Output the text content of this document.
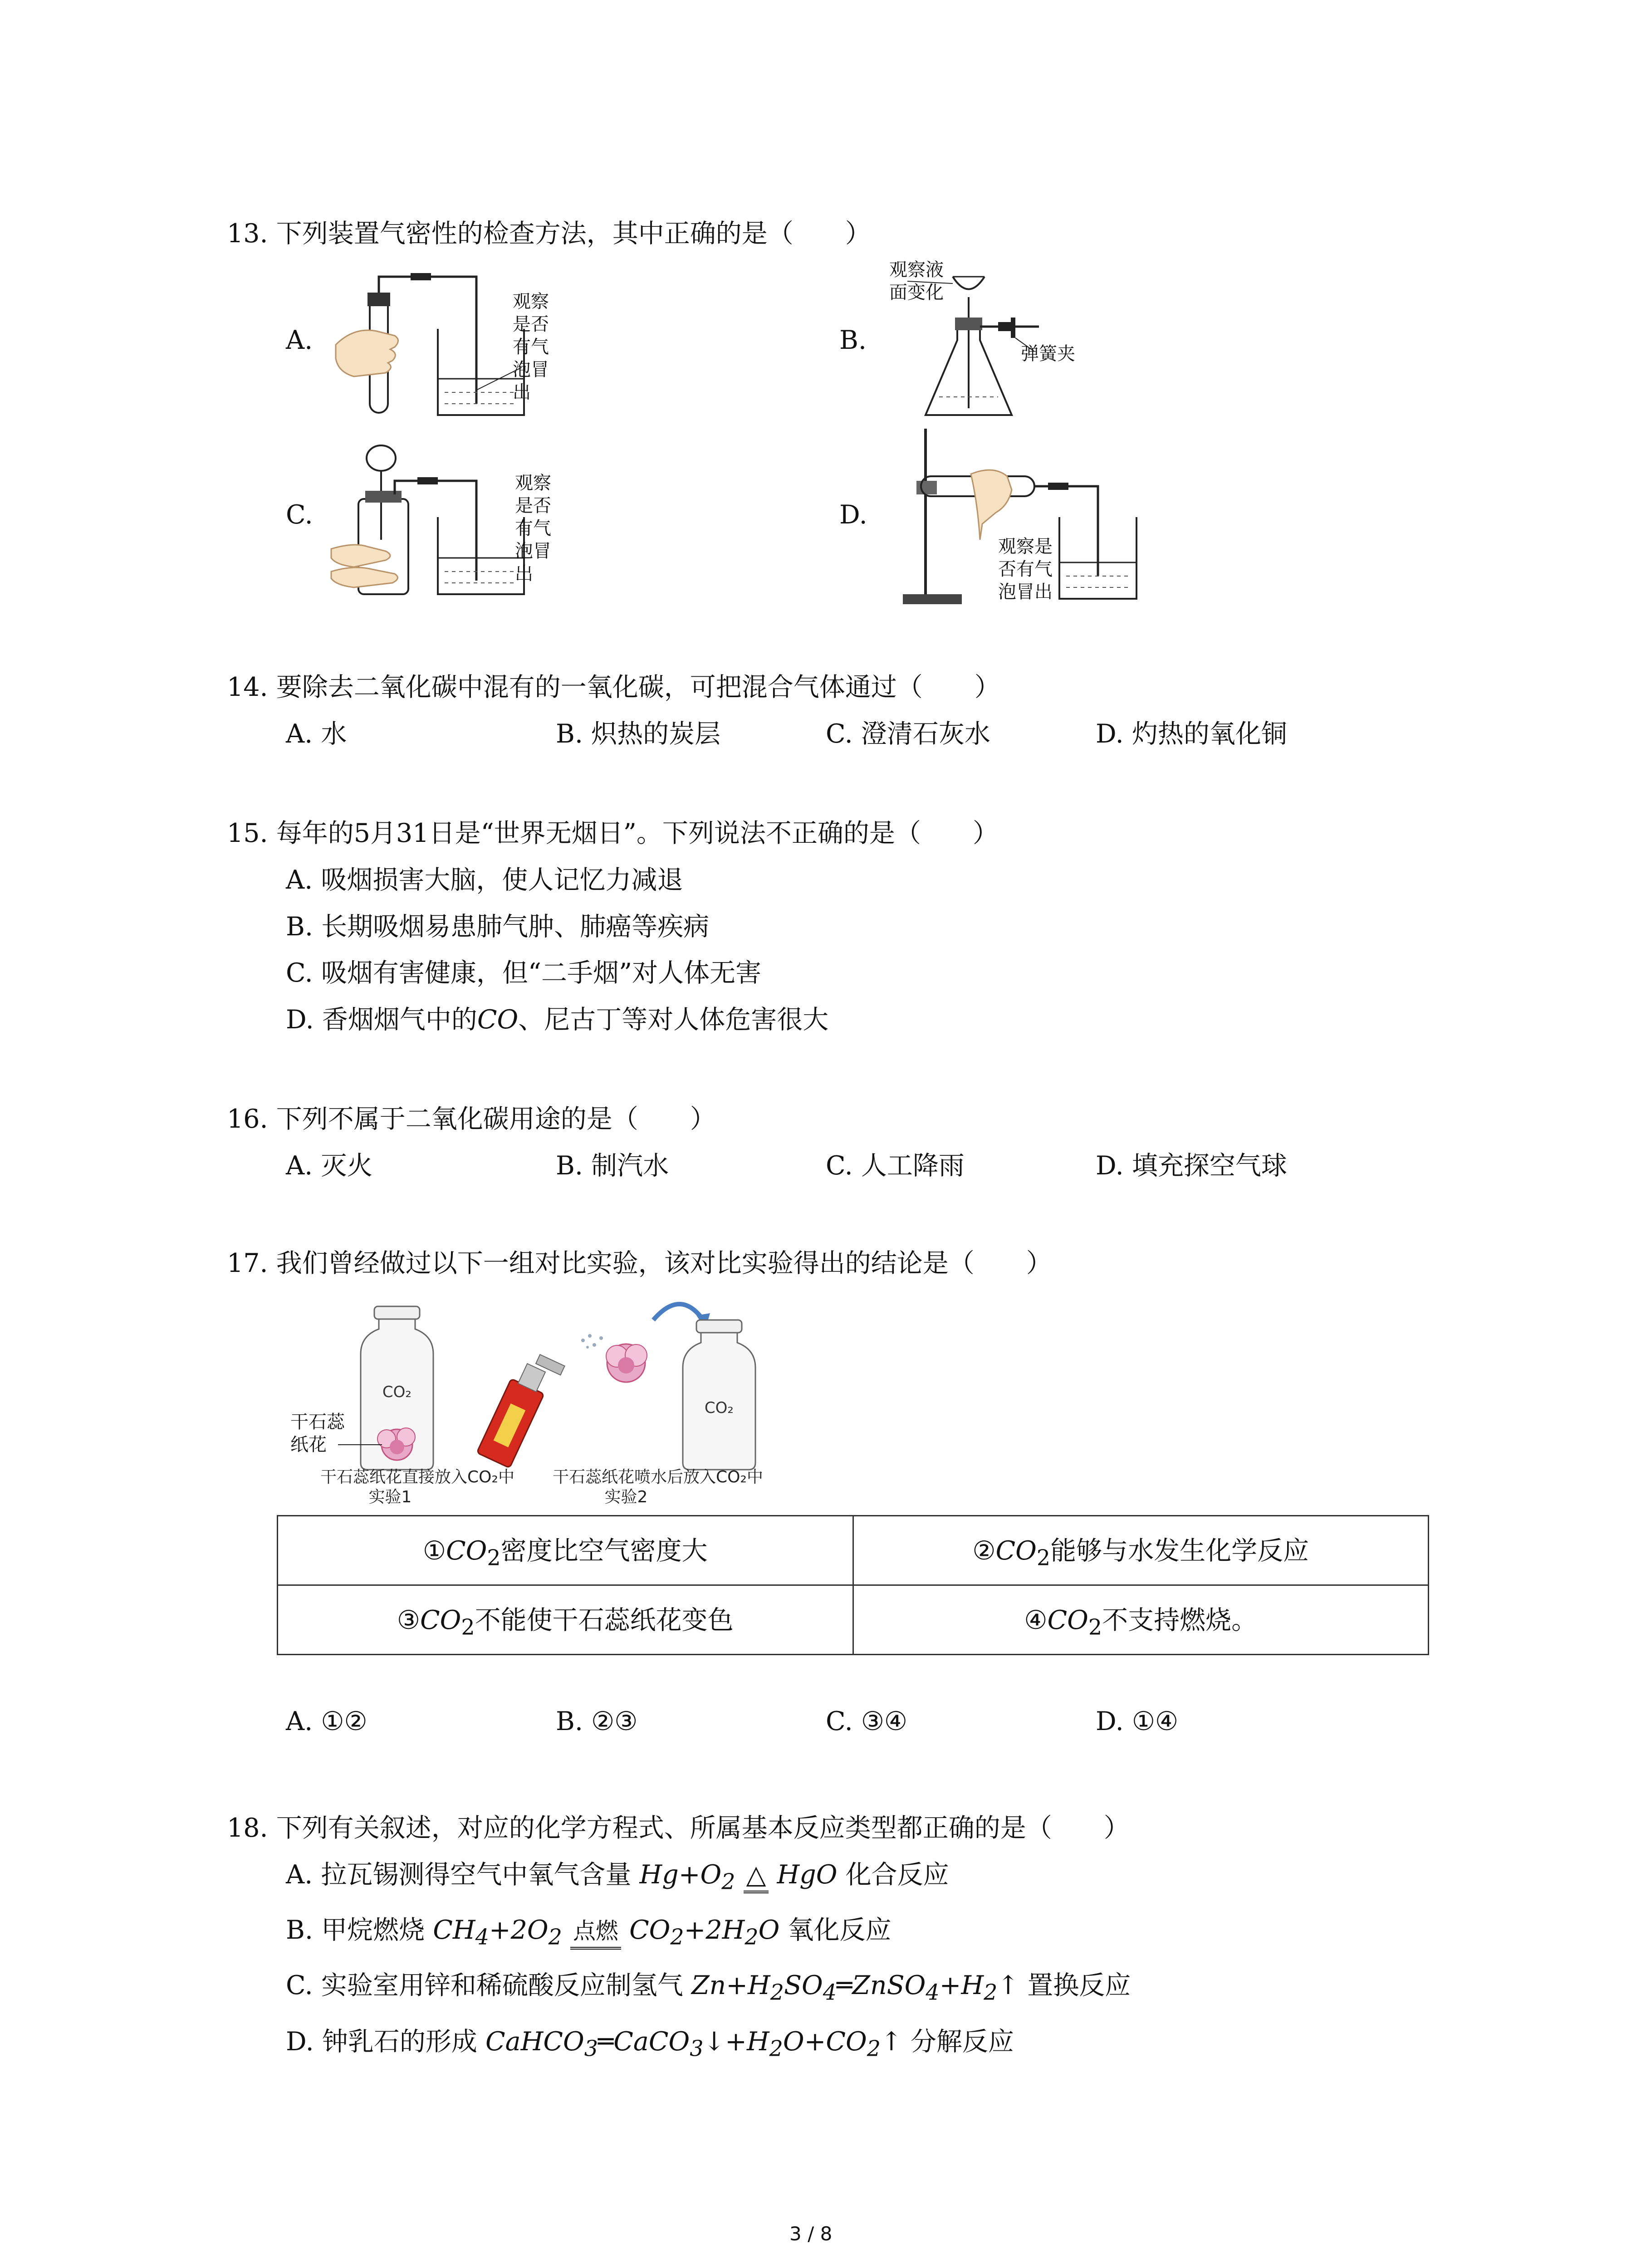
13. 下列装置气密性的检查方法，其中正确的是（　　）
A.
观察
是否
有气
泡冒
出
B.
观察液
面变化
弹簧夹
C.
观察
是否
有气
泡冒
出
D.
观察是
否有气
泡冒出
14. 要除去二氧化碳中混有的一氧化碳，可把混合气体通过（　　）
A. 水	B. 炽热的炭层	C. 澄清石灰水	D. 灼热的氧化铜
15. 每年的5月31日是“世界无烟日”。下列说法不正确的是（　　）
A. 吸烟损害大脑，使人记忆力减退
B. 长期吸烟易患肺气肿、肺癌等疾病
C. 吸烟有害健康，但“二手烟”对人体无害
D. 香烟烟气中的CO、尼古丁等对人体危害很大
16. 下列不属于二氧化碳用途的是（　　）
A. 灭火	B. 制汽水	C. 人工降雨	D. 填充探空气球
17. 我们曾经做过以下一组对比实验，该对比实验得出的结论是（　　）
CO₂
CO₂
干石蕊纸花直接放入CO₂中
实验1
干石蕊纸花喷水后放入CO₂中
实验2
干石蕊
纸花
$①CO_2$密度比空气密度大	$②CO_2$能够与水发生化学反应
$③CO_2$不能使干石蕊纸花变色	$④CO_2$不支持燃烧。
A. ①②	B. ②③	C. ③④	D. ①④
18. 下列有关叙述，对应的化学方程式、所属基本反应类型都正确的是（　　）
A. 拉瓦锡测得空气中氧气含量 $Hg+O_2$ △ HgO 化合反应
B. 甲烷燃烧 $CH_4+2O_2$ 点燃 $CO_2+2H_2O$ 氧化反应
C. 实验室用锌和稀硫酸反应制氢气 $Zn+H_2SO_4═ZnSO_4+H_2↑$ 置换反应
D. 钟乳石的形成 $CaHCO_3═CaCO_3↓+H_2O+CO_2↑$ 分解反应
3 / 8
